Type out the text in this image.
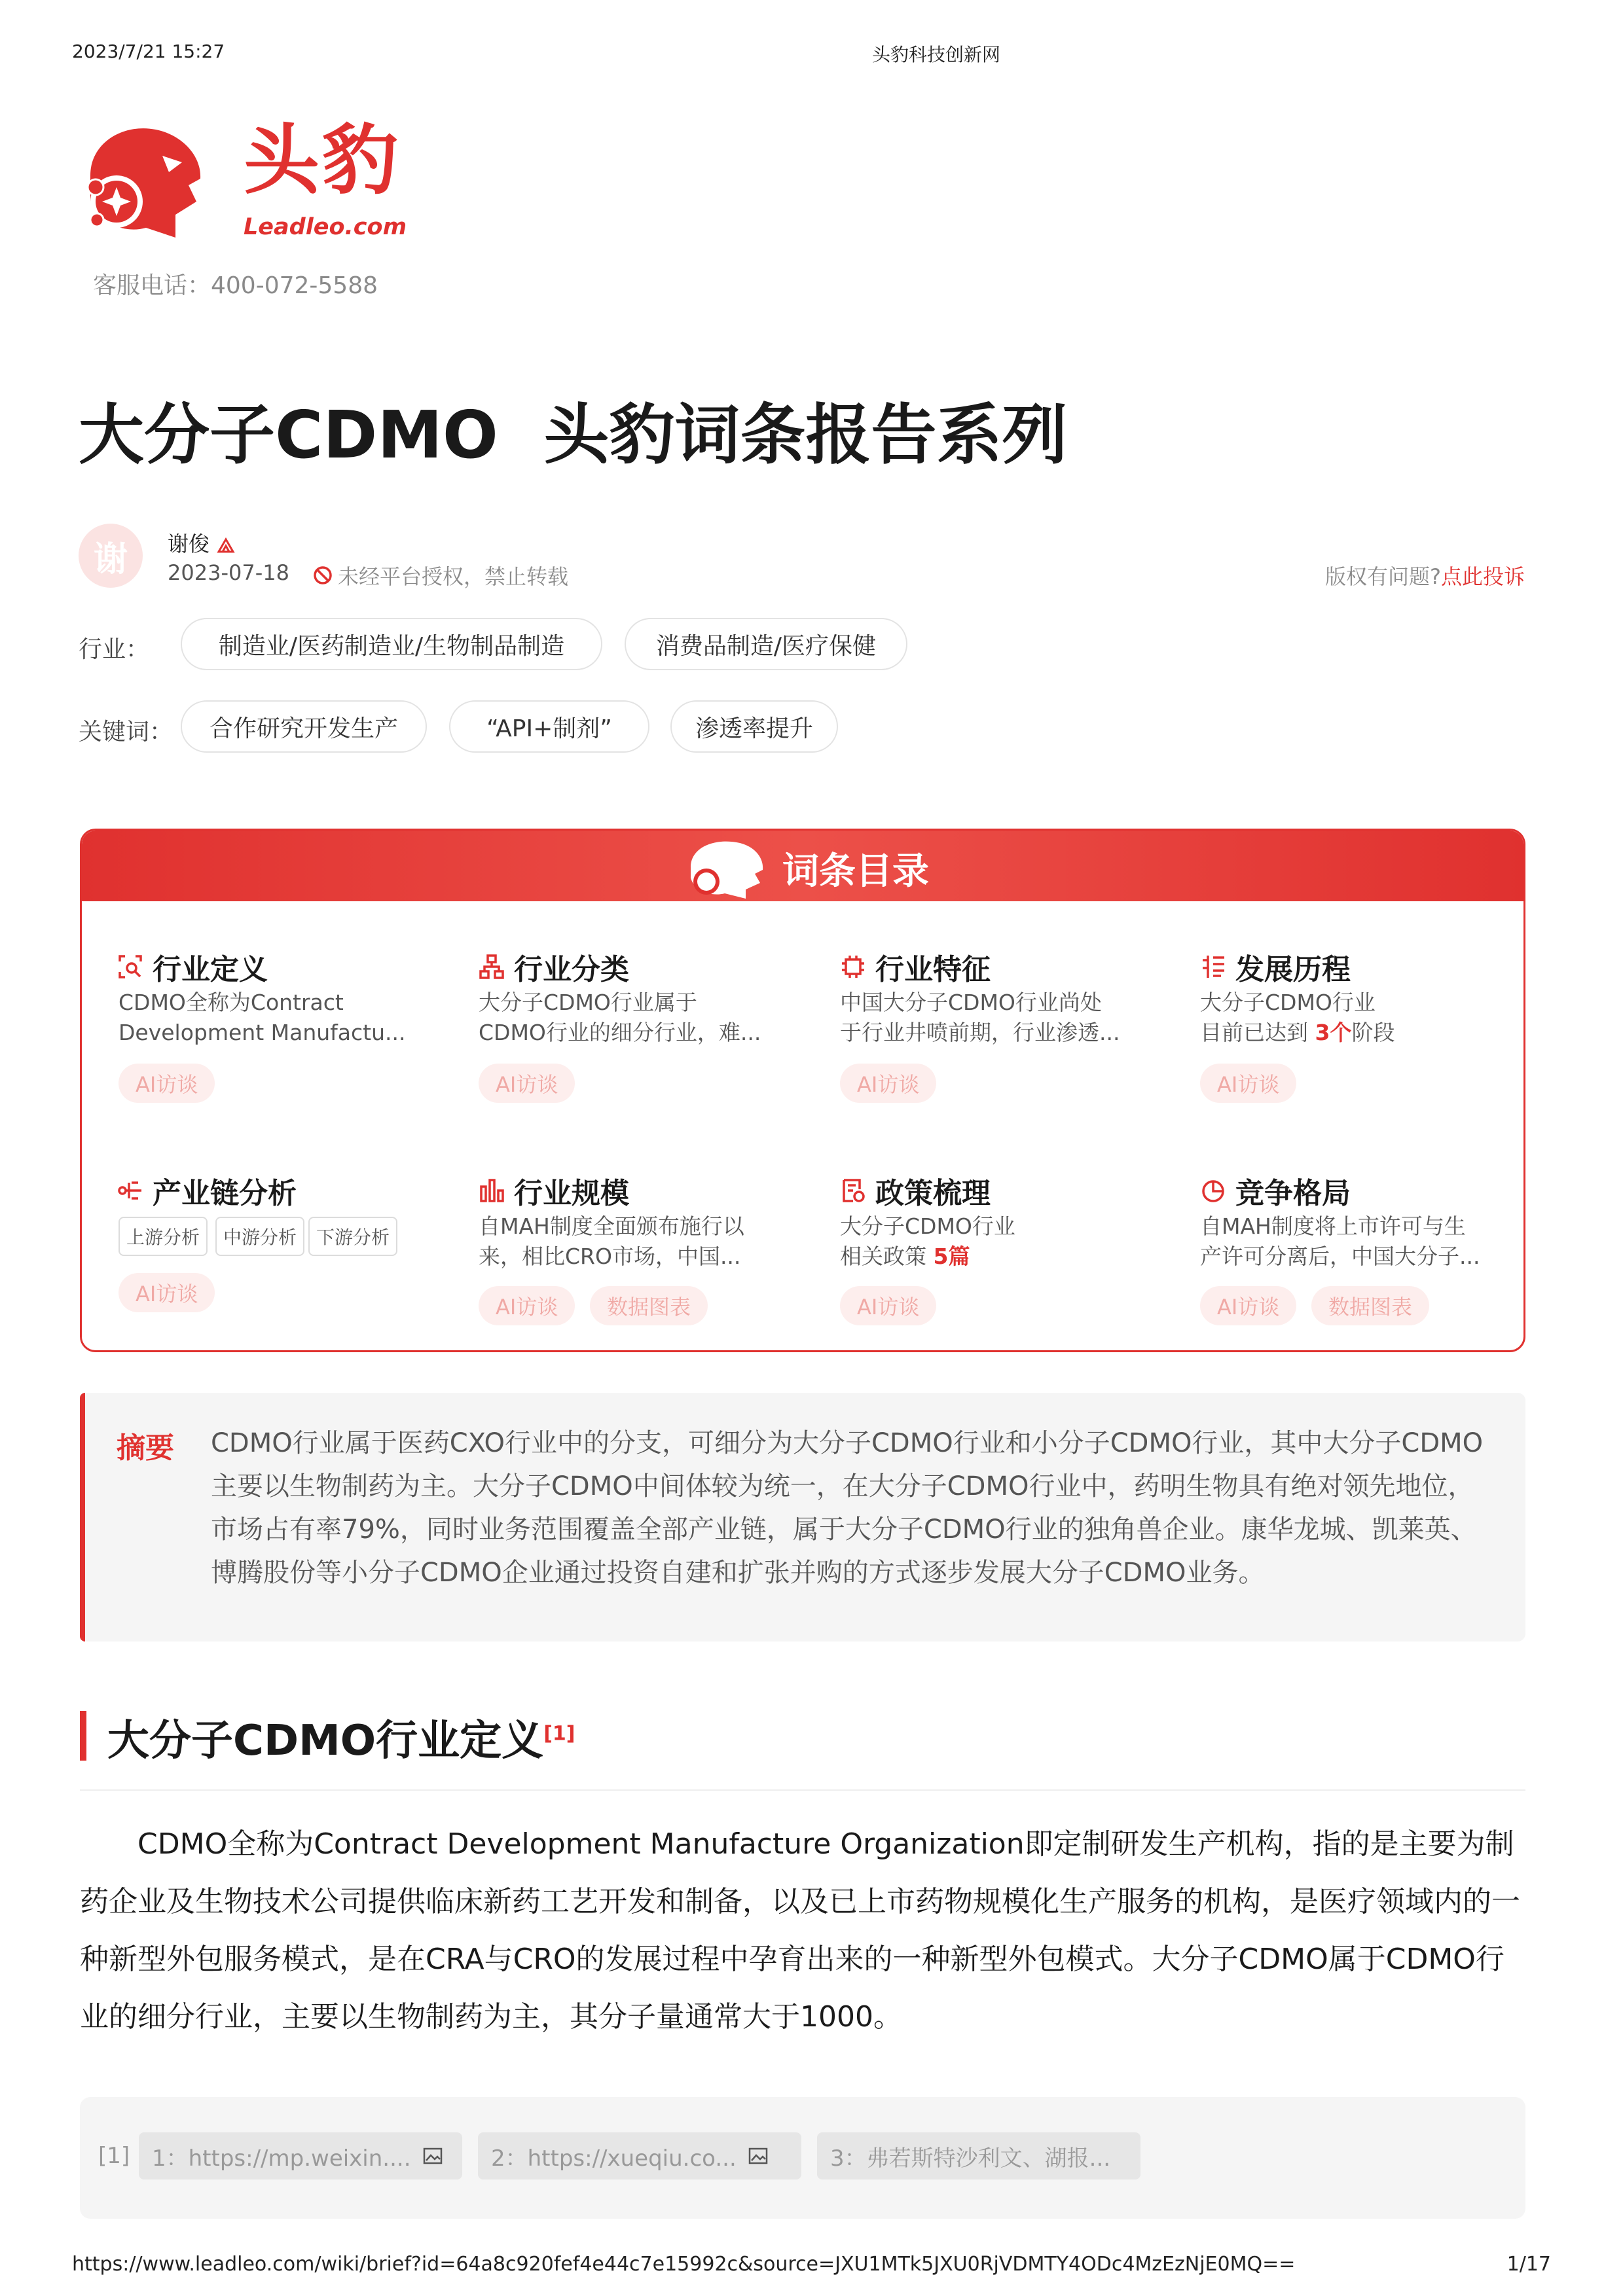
2023/7/21 15:27	头豹科技创新网
头豹
Leadleo.com
客服电话：400-072-5588
大分子CDMO  头豹词条报告系列
谢	谢俊
2023-07-18 未经平台授权，禁止转载	版权有问题?点此投诉
行业：	制造业/医药制造业/生物制品制造	消费品制造/医疗保健
关键词：	合作研究开发生产	“API+制剂”	渗透率提升
词条目录
行业定义
CDMO全称为Contract
Development Manufactu...
AI访谈
行业分类
大分子CDMO行业属于
CDMO行业的细分行业，难...
AI访谈
行业特征
中国大分子CDMO行业尚处
于行业井喷前期，行业渗透...
AI访谈
发展历程
大分子CDMO行业
目前已达到 3个阶段
AI访谈
产业链分析
上游分析	中游分析	下游分析
AI访谈
行业规模
自MAH制度全面颁布施行以
来，相比CRO市场，中国...
AI访谈	数据图表
政策梳理
大分子CDMO行业
相关政策 5篇
AI访谈
竞争格局
自MAH制度将上市许可与生
产许可分离后，中国大分子...
AI访谈	数据图表
摘要 CDMO行业属于医药CXO行业中的分支，可细分为大分子CDMO行业和小分子CDMO行业，其中大分子CDMO主要以生物制药为主。大分子CDMO中间体较为统一，在大分子CDMO行业中，药明生物具有绝对领先地位，市场占有率79%，同时业务范围覆盖全部产业链，属于大分子CDMO行业的独角兽企业。康华龙城、凯莱英、博腾股份等小分子CDMO企业通过投资自建和扩张并购的方式逐步发展大分子CDMO业务。
大分子CDMO行业定义[1]
CDMO全称为Contract Development Manufacture Organization即定制研发生产机构，指的是主要为制药企业及生物技术公司提供临床新药工艺开发和制备，以及已上市药物规模化生产服务的机构，是医疗领域内的一种新型外包服务模式，是在CRA与CRO的发展过程中孕育出来的一种新型外包模式。大分子CDMO属于CDMO行业的细分行业，主要以生物制药为主，其分子量通常大于1000。
[1] 1：https://mp.weixin....	2：https://xueqiu.co...	3：弗若斯特沙利文、湖报...
https://www.leadleo.com/wiki/brief?id=64a8c920fef4e44c7e15992c&source=JXU1MTk5JXU0RjVDMTY4ODc4MzEzNjE0MQ==	1/17
